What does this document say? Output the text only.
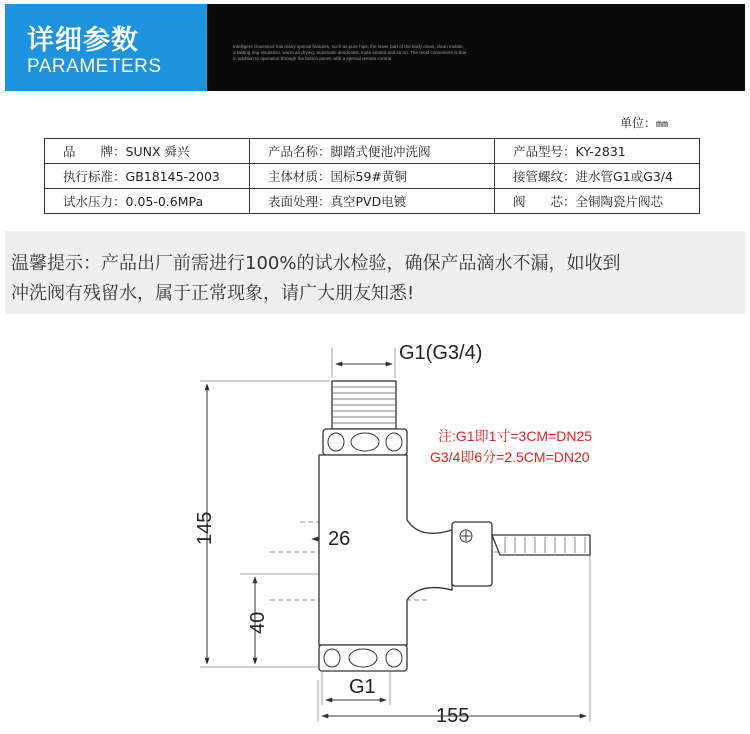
详细参数
PARAMETERS
Intelligent closestool has many special features, such as pure hips, the lower part of the body clean, clean mobile,
a tasting ring insulation, warm air drying, automatic deodorant, mute seated and so on. The most convenient is that
in addition to operation through the button panel, with a special remote control
单位：mm
品　　牌：SUNX 舜兴	产品名称：脚踏式便池冲洗阀	产品型号：KY-2831
执行标准：GB18145-2003	主体材质：国标59#黄铜	接管螺纹：进水管G1或G3/4
试水压力：0.05-0.6MPa	表面处理：真空PVD电镀	阀　　芯：全铜陶瓷片阀芯
温馨提示：产品出厂前需进行100%的试水检验，确保产品滴水不漏，如收到
冲洗阀有残留水，属于正常现象，请广大朋友知悉!
G1(G3/4)
145
40
26
G1
155
注:G1即1寸=3CM=DN25
G3/4即6分=2.5CM=DN20
